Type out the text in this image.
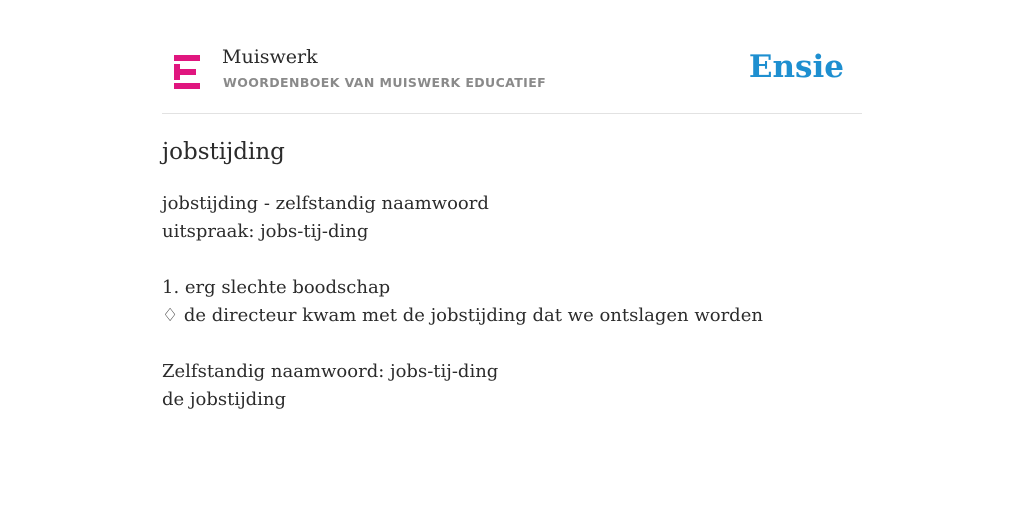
Muiswerk
WOORDENBOEK VAN MUISWERK EDUCATIEF	Ensie
jobstijding
jobstijding - zelfstandig naamwoord
uitspraak: jobs-tij-ding
1. erg slechte boodschap
♢ de directeur kwam met de jobstijding dat we ontslagen worden
Zelfstandig naamwoord: jobs-tij-ding
de jobstijding
